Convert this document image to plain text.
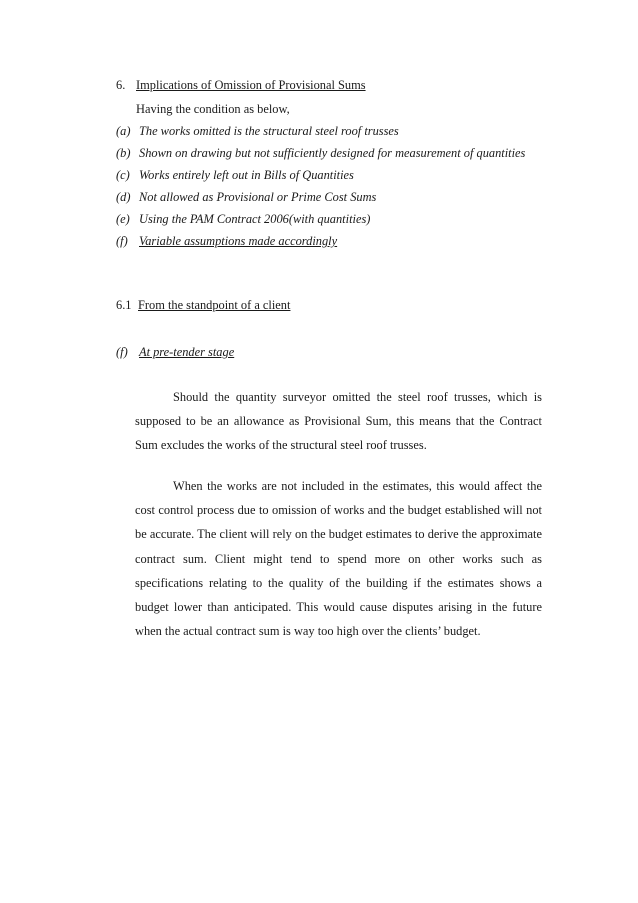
6. Implications of Omission of Provisional Sums
Having the condition as below,
(a) The works omitted is the structural steel roof trusses
(b) Shown on drawing but not sufficiently designed for measurement of quantities
(c) Works entirely left out in Bills of Quantities
(d) Not allowed as Provisional or Prime Cost Sums
(e) Using the PAM Contract 2006(with quantities)
(f) Variable assumptions made accordingly
6.1 From the standpoint of a client
(f) At pre-tender stage

Should the quantity surveyor omitted the steel roof trusses, which is supposed to be an allowance as Provisional Sum, this means that the Contract Sum excludes the works of the structural steel roof trusses.

When the works are not included in the estimates, this would affect the cost control process due to omission of works and the budget established will not be accurate. The client will rely on the budget estimates to derive the approximate contract sum. Client might tend to spend more on other works such as specifications relating to the quality of the building if the estimates shows a budget lower than anticipated. This would cause disputes arising in the future when the actual contract sum is way too high over the clients’ budget.
